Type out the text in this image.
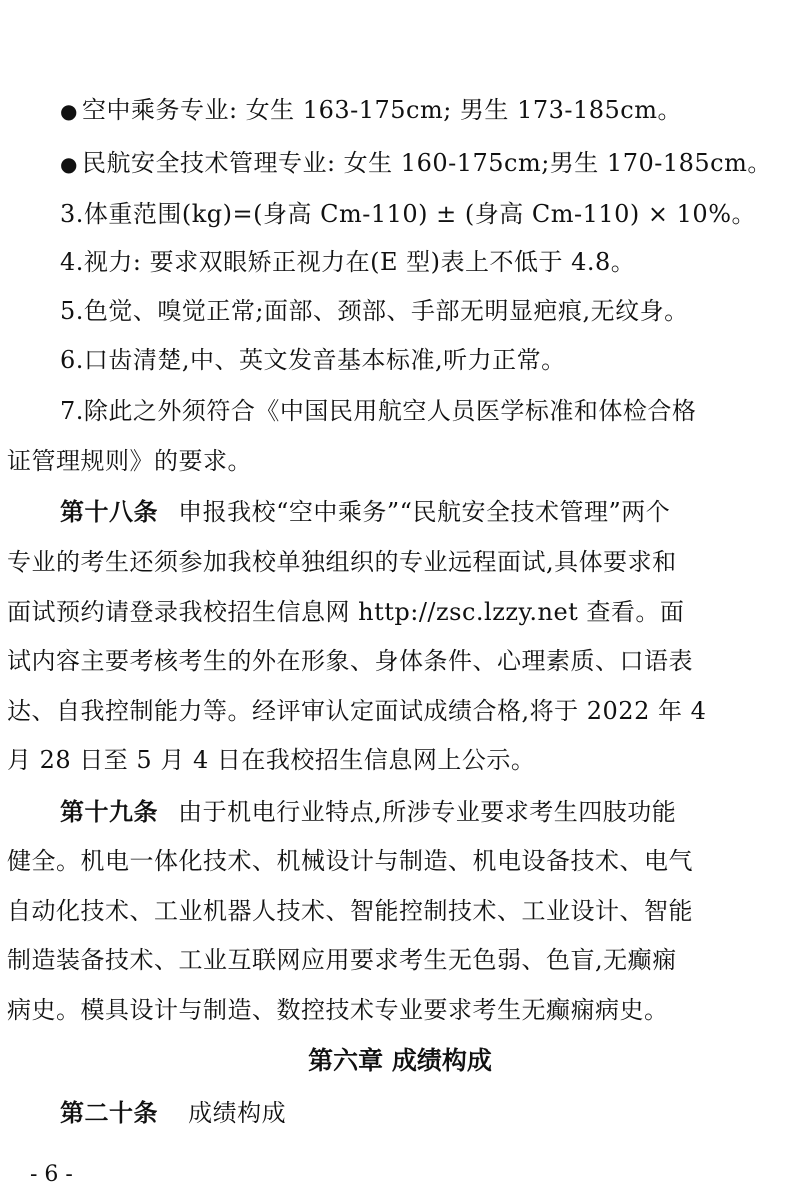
● 空中乘务专业: 女生 163-175cm; 男生 173-185cm。
● 民航安全技术管理专业: 女生 160-175cm;男生 170-185cm。
3.体重范围(kg)=(身高 Cm-110) ± (身高 Cm-110) × 10%。
4.视力: 要求双眼矫正视力在(E 型)表上不低于 4.8。
5.色觉、嗅觉正常;面部、颈部、手部无明显疤痕,无纹身。
6.口齿清楚,中、英文发音基本标准,听力正常。
7.除此之外须符合《中国民用航空人员医学标准和体检合格
证管理规则》的要求。
第十八条 申报我校“空中乘务”“民航安全技术管理”两个
专业的考生还须参加我校单独组织的专业远程面试,具体要求和
面试预约请登录我校招生信息网 http://zsc.lzzy.net 查看。面
试内容主要考核考生的外在形象、身体条件、心理素质、口语表
达、自我控制能力等。经评审认定面试成绩合格,将于 2022 年 4
月 28 日至 5 月 4 日在我校招生信息网上公示。
第十九条 由于机电行业特点,所涉专业要求考生四肢功能
健全。机电一体化技术、机械设计与制造、机电设备技术、电气
自动化技术、工业机器人技术、智能控制技术、工业设计、智能
制造装备技术、工业互联网应用要求考生无色弱、色盲,无癫痫
病史。模具设计与制造、数控技术专业要求考生无癫痫病史。
第六章 成绩构成
第二十条 成绩构成
- 6 -
